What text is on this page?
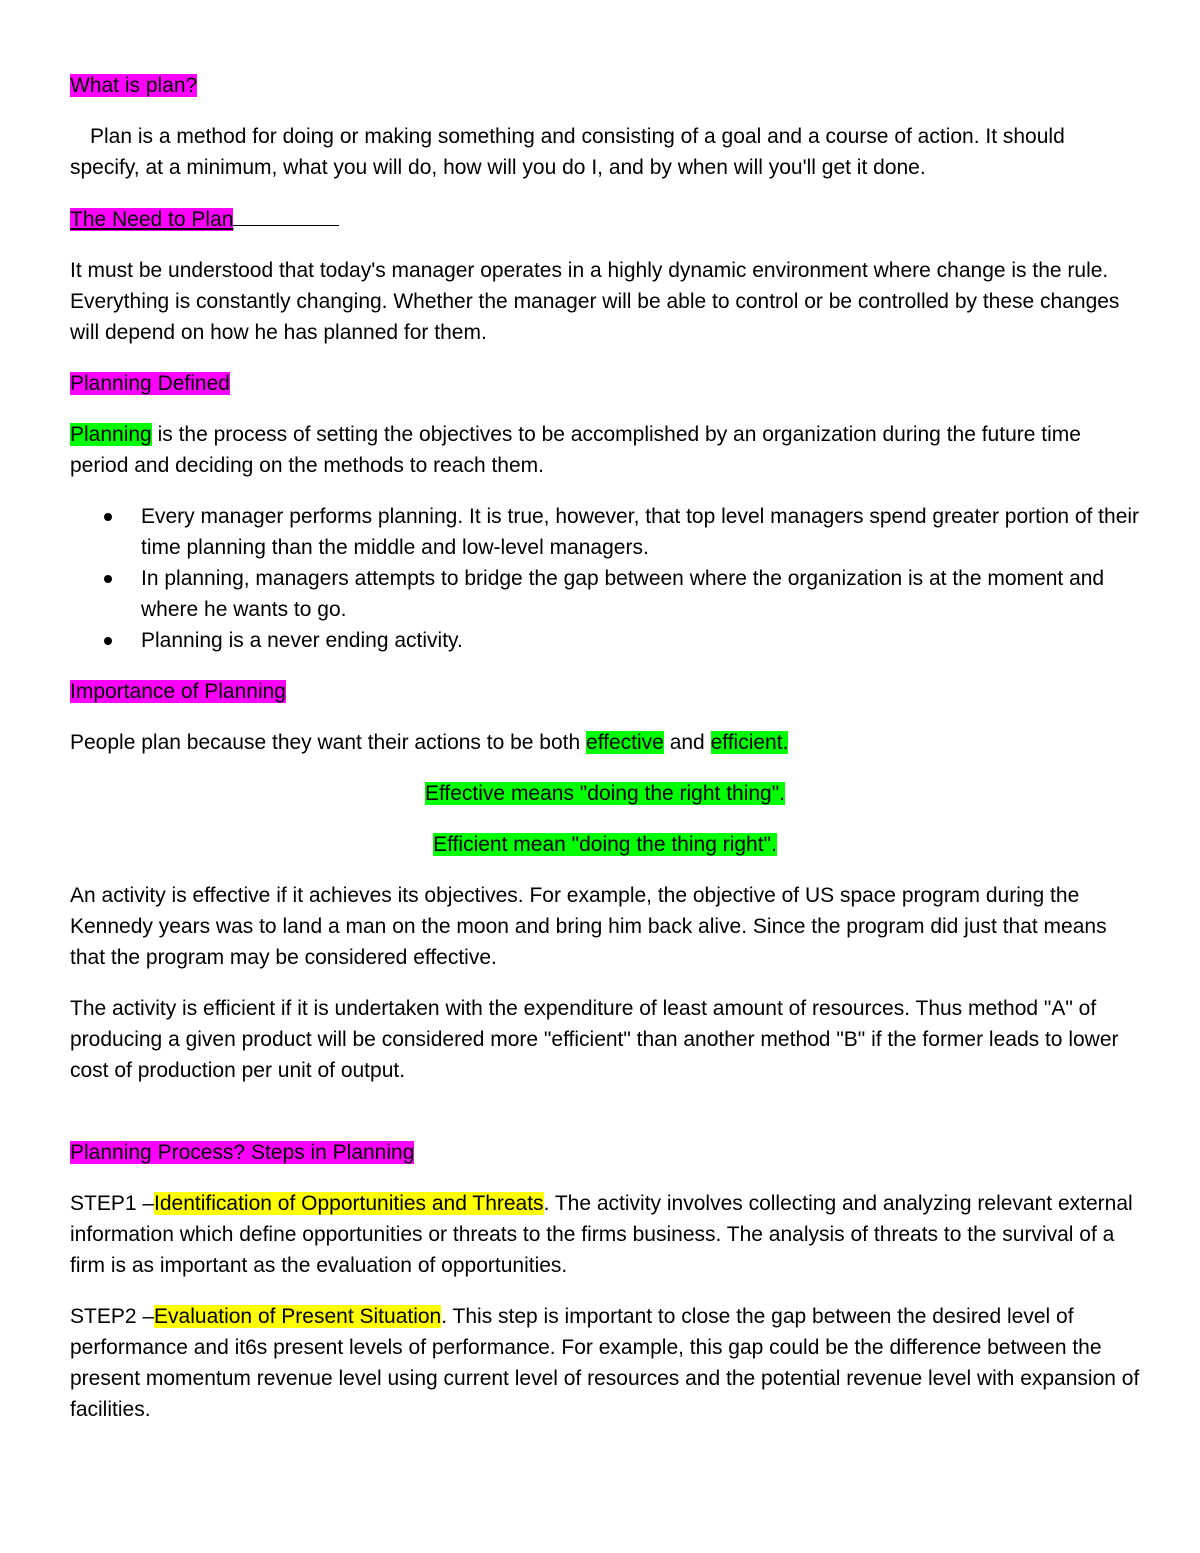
What is plan?

Plan is a method for doing or making something and consisting of a goal and a course of action. It should specify, at a minimum, what you will do, how will you do I, and by when will you'll get it done.

The Need to Plan

It must be understood that today's manager operates in a highly dynamic environment where change is the rule. Everything is constantly changing. Whether the manager will be able to control or be controlled by these changes will depend on how he has planned for them.

Planning Defined

Planning is the process of setting the objectives to be accomplished by an organization during the future time period and deciding on the methods to reach them.

Every manager performs planning. It is true, however, that top level managers spend greater portion of their time planning than the middle and low-level managers.
In planning, managers attempts to bridge the gap between where the organization is at the moment and where he wants to go.
Planning is a never ending activity.
Importance of Planning

People plan because they want their actions to be both effective and efficient.

Effective means "doing the right thing".

Efficient mean "doing the thing right".

An activity is effective if it achieves its objectives. For example, the objective of US space program during the Kennedy years was to land a man on the moon and bring him back alive. Since the program did just that means that the program may be considered effective.

The activity is efficient if it is undertaken with the expenditure of least amount of resources. Thus method "A" of producing a given product will be considered more "efficient" than another method "B" if the former leads to lower cost of production per unit of output.

Planning Process? Steps in Planning

STEP1 –Identification of Opportunities and Threats. The activity involves collecting and analyzing relevant external information which define opportunities or threats to the firms business. The analysis of threats to the survival of a firm is as important as the evaluation of opportunities.

STEP2 –Evaluation of Present Situation. This step is important to close the gap between the desired level of performance and it6s present levels of performance. For example, this gap could be the difference between the present momentum revenue level using current level of resources and the potential revenue level with expansion of facilities.
